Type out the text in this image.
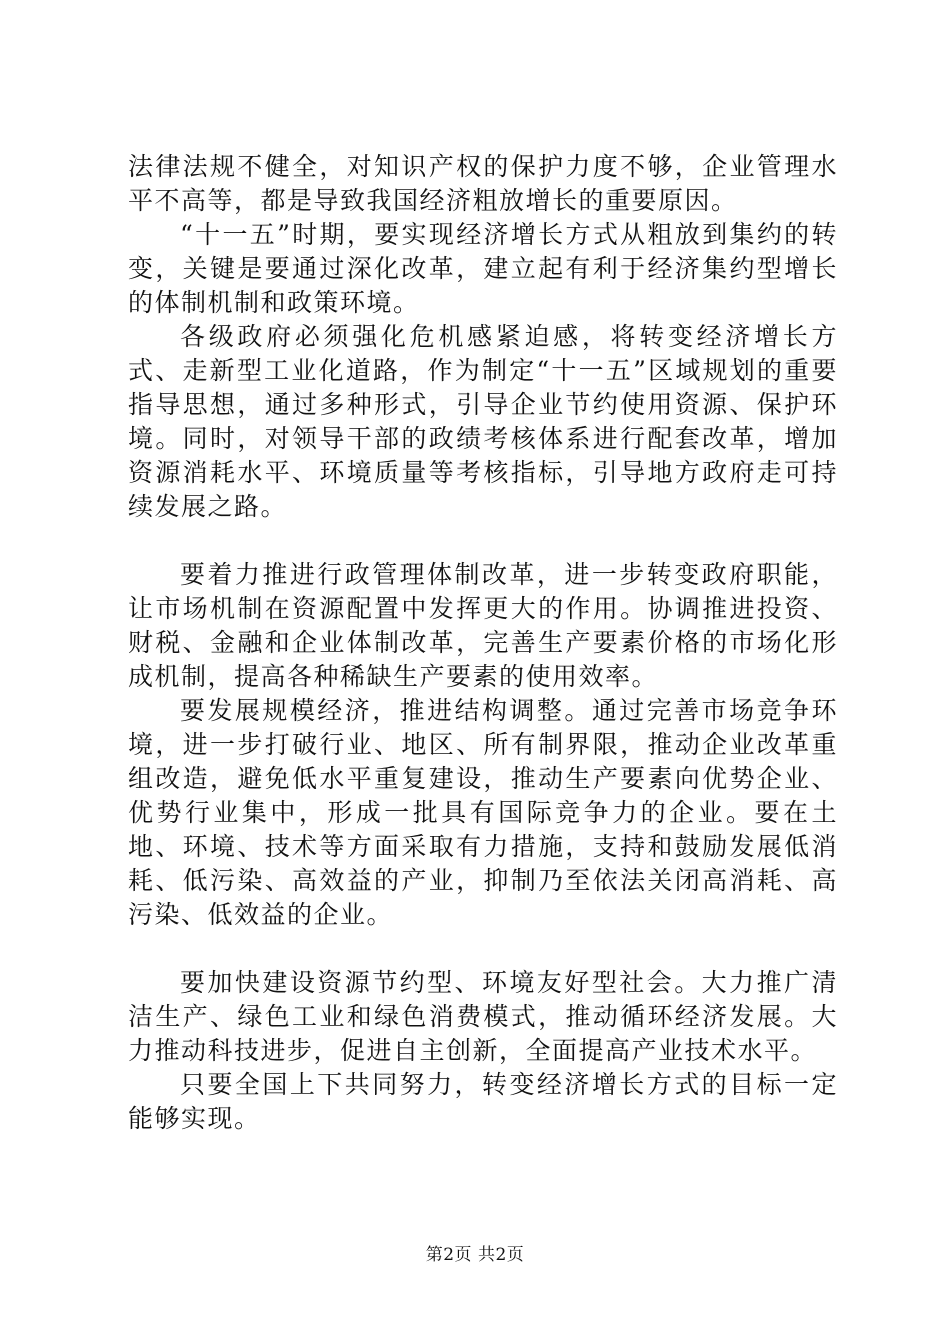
法律法规不健全，对知识产权的保护力度不够，企业管理水平不高等，都是导致我国经济粗放增长的重要原因。

“十一五”时期，要实现经济增长方式从粗放到集约的转变，关键是要通过深化改革，建立起有利于经济集约型增长的体制机制和政策环境。

各级政府必须强化危机感紧迫感，将转变经济增长方式、走新型工业化道路，作为制定“十一五”区域规划的重要指导思想，通过多种形式，引导企业节约使用资源、保护环境。同时，对领导干部的政绩考核体系进行配套改革，增加资源消耗水平、环境质量等考核指标，引导地方政府走可持续发展之路。

要着力推进行政管理体制改革，进一步转变政府职能，让市场机制在资源配置中发挥更大的作用。协调推进投资、财税、金融和企业体制改革，完善生产要素价格的市场化形成机制，提高各种稀缺生产要素的使用效率。

要发展规模经济，推进结构调整。通过完善市场竞争环境，进一步打破行业、地区、所有制界限，推动企业改革重组改造，避免低水平重复建设，推动生产要素向优势企业、优势行业集中，形成一批具有国际竞争力的企业。要在土地、环境、技术等方面采取有力措施，支持和鼓励发展低消耗、低污染、高效益的产业，抑制乃至依法关闭高消耗、高污染、低效益的企业。

要加快建设资源节约型、环境友好型社会。大力推广清洁生产、绿色工业和绿色消费模式，推动循环经济发展。大力推动科技进步，促进自主创新，全面提高产业技术水平。

只要全国上下共同努力，转变经济增长方式的目标一定能够实现。

第2页 共2页
